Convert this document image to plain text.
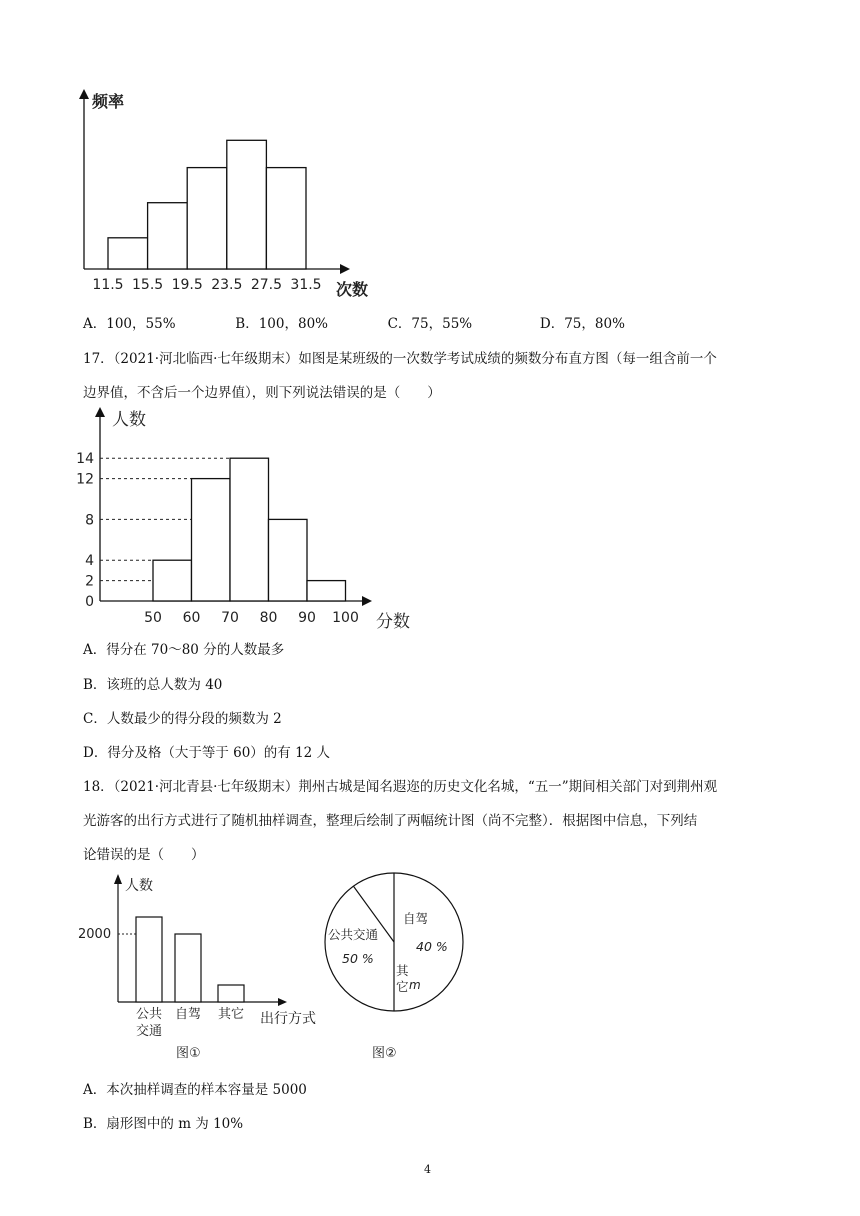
11.5 15.5 19.5 23.5 27.5 31.5
频率
次数
A．100，55%	B．100，80%	C．75，55%	D．75，80%
17．（2021·河北临西·七年级期末）如图是某班级的一次数学考试成绩的频数分布直方图（每一组含前一个
边界值，不含后一个边界值），则下列说法错误的是（　　）
0
2
4
8
12
14
50 60 70 80 90 100
人数
分数
A．得分在 70～80 分的人数最多
B．该班的总人数为 40
C．人数最少的得分段的频数为 2
D．得分及格（大于等于 60）的有 12 人
18．（2021·河北青县·七年级期末）荆州古城是闻名遐迩的历史文化名城，“五一”期间相关部门对到荆州观
光游客的出行方式进行了随机抽样调查，整理后绘制了两幅统计图（尚不完整）．根据图中信息，下列结
论错误的是（　　）
公共
交通
自驾 其它
人数
出行方式
2000
图①
公共交通
50 %
自驾
40 %
其
它 m
图②
A．本次抽样调查的样本容量是 5000
B．扇形图中的 m 为 10%
4
